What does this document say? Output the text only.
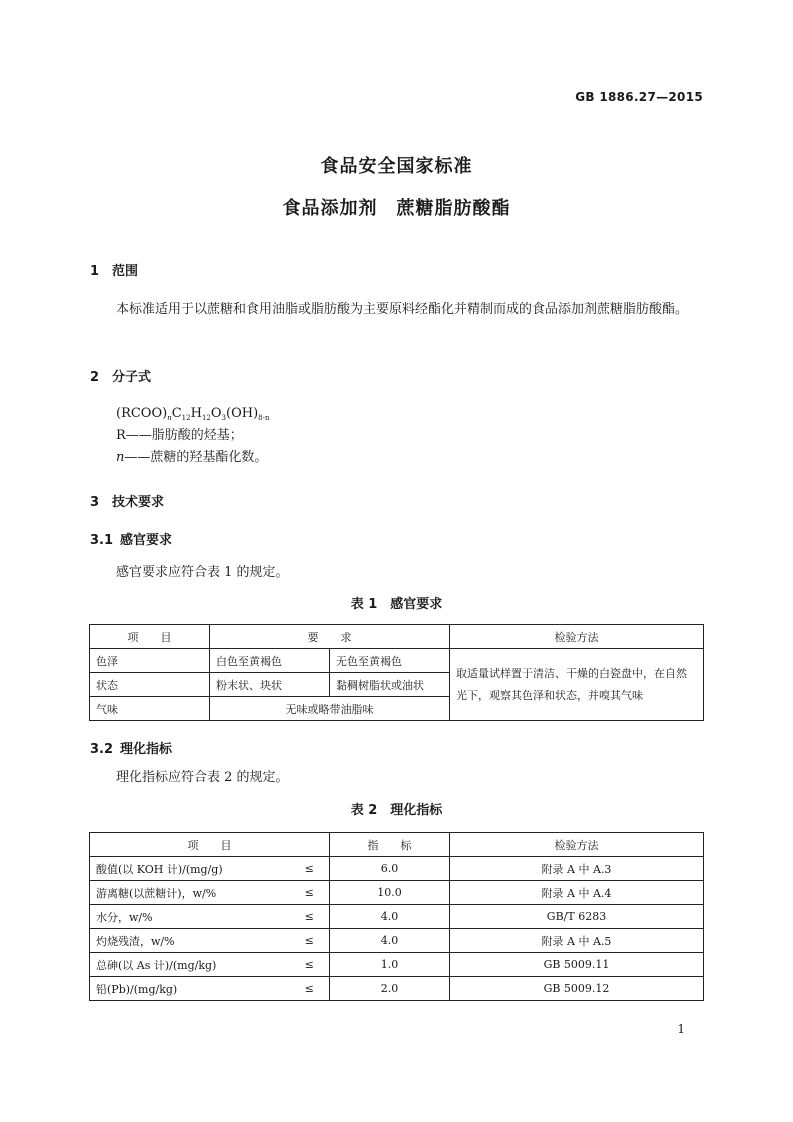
GB 1886.27—2015
食品安全国家标准
食品添加剂　蔗糖脂肪酸酯
1 范围
本标准适用于以蔗糖和食用油脂或脂肪酸为主要原料经酯化并精制而成的食品添加剂蔗糖脂肪酸酯。
2 分子式
$(RCOO)_nC_{12}H_{12}O_3(OH)_{8-n}$
R——脂肪酸的烃基；
n——蔗糖的羟基酯化数。
3 技术要求
3.1 感官要求
感官要求应符合表 1 的规定。
表 1　感官要求
项　　目	要　　求		检验方法
色泽	白色至黄褐色	无色至黄褐色	取适量试样置于清洁、干燥的白瓷盘中，在自然光下，观察其色泽和状态，并嗅其气味
状态	粉末状、块状	黏稠树脂状或油状	
气味	无味或略带油脂味		
3.2 理化指标
理化指标应符合表 2 的规定。
表 2　理化指标
项　　目		指　　标	检验方法
酸值(以 KOH 计)/(mg/g)	≤	6.0	附录 A 中 A.3
游离糖(以蔗糖计)，w/%	≤	10.0	附录 A 中 A.4
水分，w/%	≤	4.0	GB/T 6283
灼烧残渣，w/%	≤	4.0	附录 A 中 A.5
总砷(以 As 计)/(mg/kg)	≤	1.0	GB 5009.11
铅(Pb)/(mg/kg)	≤	2.0	GB 5009.12
1
